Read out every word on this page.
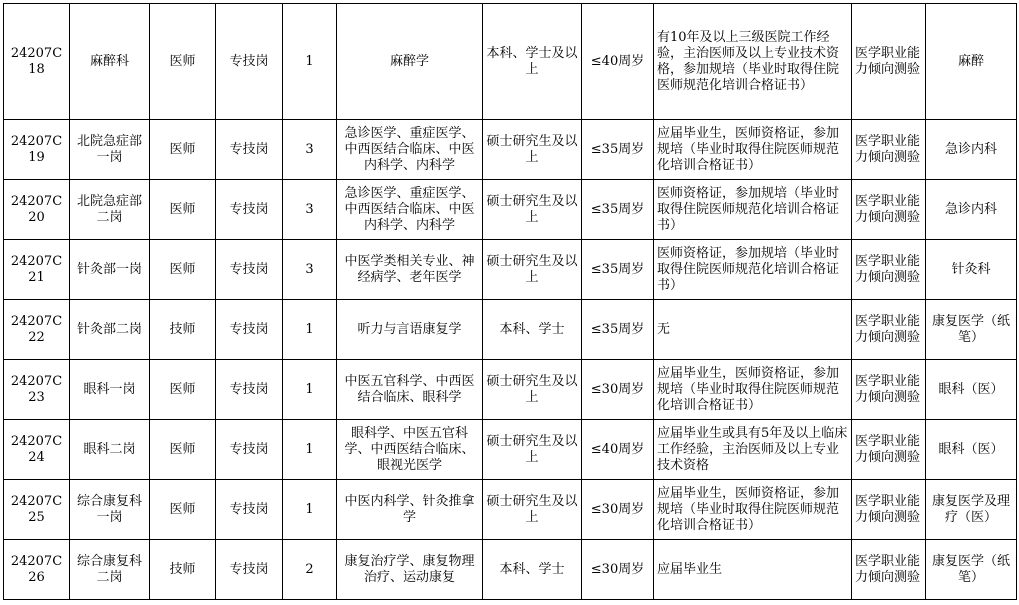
24207C18	麻醉科	医师	专技岗	1	麻醉学	本科、学士及以上	≤40周岁	有10年及以上三级医院工作经验，主治医师及以上专业技术资格，参加规培（毕业时取得住院医师规范化培训合格证书）	医学职业能力倾向测验	麻醉
24207C19	北院急症部一岗	医师	专技岗	3	急诊医学、重症医学、中西医结合临床、中医内科学、内科学	硕士研究生及以上	≤35周岁	应届毕业生，医师资格证，参加规培（毕业时取得住院医师规范化培训合格证书）	医学职业能力倾向测验	急诊内科
24207C20	北院急症部二岗	医师	专技岗	3	急诊医学、重症医学、中西医结合临床、中医内科学、内科学	硕士研究生及以上	≤35周岁	医师资格证，参加规培（毕业时取得住院医师规范化培训合格证书）	医学职业能力倾向测验	急诊内科
24207C21	针灸部一岗	医师	专技岗	3	中医学类相关专业、神经病学、老年医学	硕士研究生及以上	≤35周岁	医师资格证，参加规培（毕业时取得住院医师规范化培训合格证书）	医学职业能力倾向测验	针灸科
24207C22	针灸部二岗	技师	专技岗	1	听力与言语康复学	本科、学士	≤35周岁	无	医学职业能力倾向测验	康复医学（纸笔）
24207C23	眼科一岗	医师	专技岗	1	中医五官科学、中西医结合临床、眼科学	硕士研究生及以上	≤30周岁	应届毕业生，医师资格证，参加规培（毕业时取得住院医师规范化培训合格证书）	医学职业能力倾向测验	眼科（医）
24207C24	眼科二岗	医师	专技岗	1	眼科学、中医五官科学、中西医结合临床、眼视光医学	硕士研究生及以上	≤40周岁	应届毕业生或具有5年及以上临床工作经验，主治医师及以上专业技术资格	医学职业能力倾向测验	眼科（医）
24207C25	综合康复科一岗	医师	专技岗	1	中医内科学、针灸推拿学	硕士研究生及以上	≤30周岁	应届毕业生，医师资格证，参加规培（毕业时取得住院医师规范化培训合格证书）	医学职业能力倾向测验	康复医学及理疗（医）
24207C26	综合康复科二岗	技师	专技岗	2	康复治疗学、康复物理治疗、运动康复	本科、学士	≤30周岁	应届毕业生	医学职业能力倾向测验	康复医学（纸笔）
